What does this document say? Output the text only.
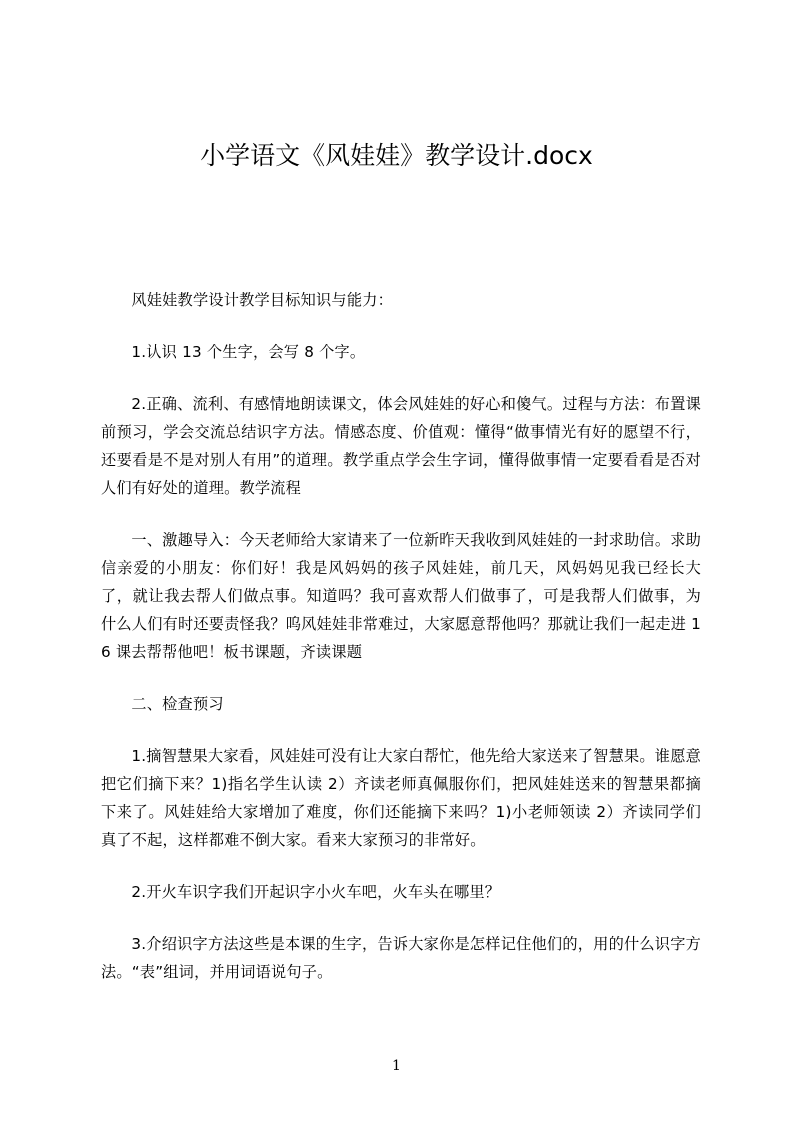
小学语文《风娃娃》教学设计.docx

风娃娃教学设计教学目标知识与能力：

1.认识 13 个生字，会写 8 个字。

2.正确、流利、有感情地朗读课文，体会风娃娃的好心和傻气。过程与方法：布置课前预习，学会交流总结识字方法。情感态度、价值观：懂得“做事情光有好的愿望不行，还要看是不是对别人有用”的道理。教学重点学会生字词，懂得做事情一定要看看是否对人们有好处的道理。教学流程

一、激趣导入：今天老师给大家请来了一位新昨天我收到风娃娃的一封求助信。求助信亲爱的小朋友：你们好！我是风妈妈的孩子风娃娃，前几天，风妈妈见我已经长大了，就让我去帮人们做点事。知道吗？我可喜欢帮人们做事了，可是我帮人们做事，为什么人们有时还要责怪我？呜风娃娃非常难过，大家愿意帮他吗？那就让我们一起走进 16 课去帮帮他吧！板书课题，齐读课题

二、检查预习

1.摘智慧果大家看，风娃娃可没有让大家白帮忙，他先给大家送来了智慧果。谁愿意把它们摘下来？1)指名学生认读 2）齐读老师真佩服你们，把风娃娃送来的智慧果都摘下来了。风娃娃给大家增加了难度，你们还能摘下来吗？1)小老师领读 2）齐读同学们真了不起，这样都难不倒大家。看来大家预习的非常好。

2.开火车识字我们开起识字小火车吧，火车头在哪里？

3.介绍识字方法这些是本课的生字，告诉大家你是怎样记住他们的，用的什么识字方法。“表”组词，并用词语说句子。

1
